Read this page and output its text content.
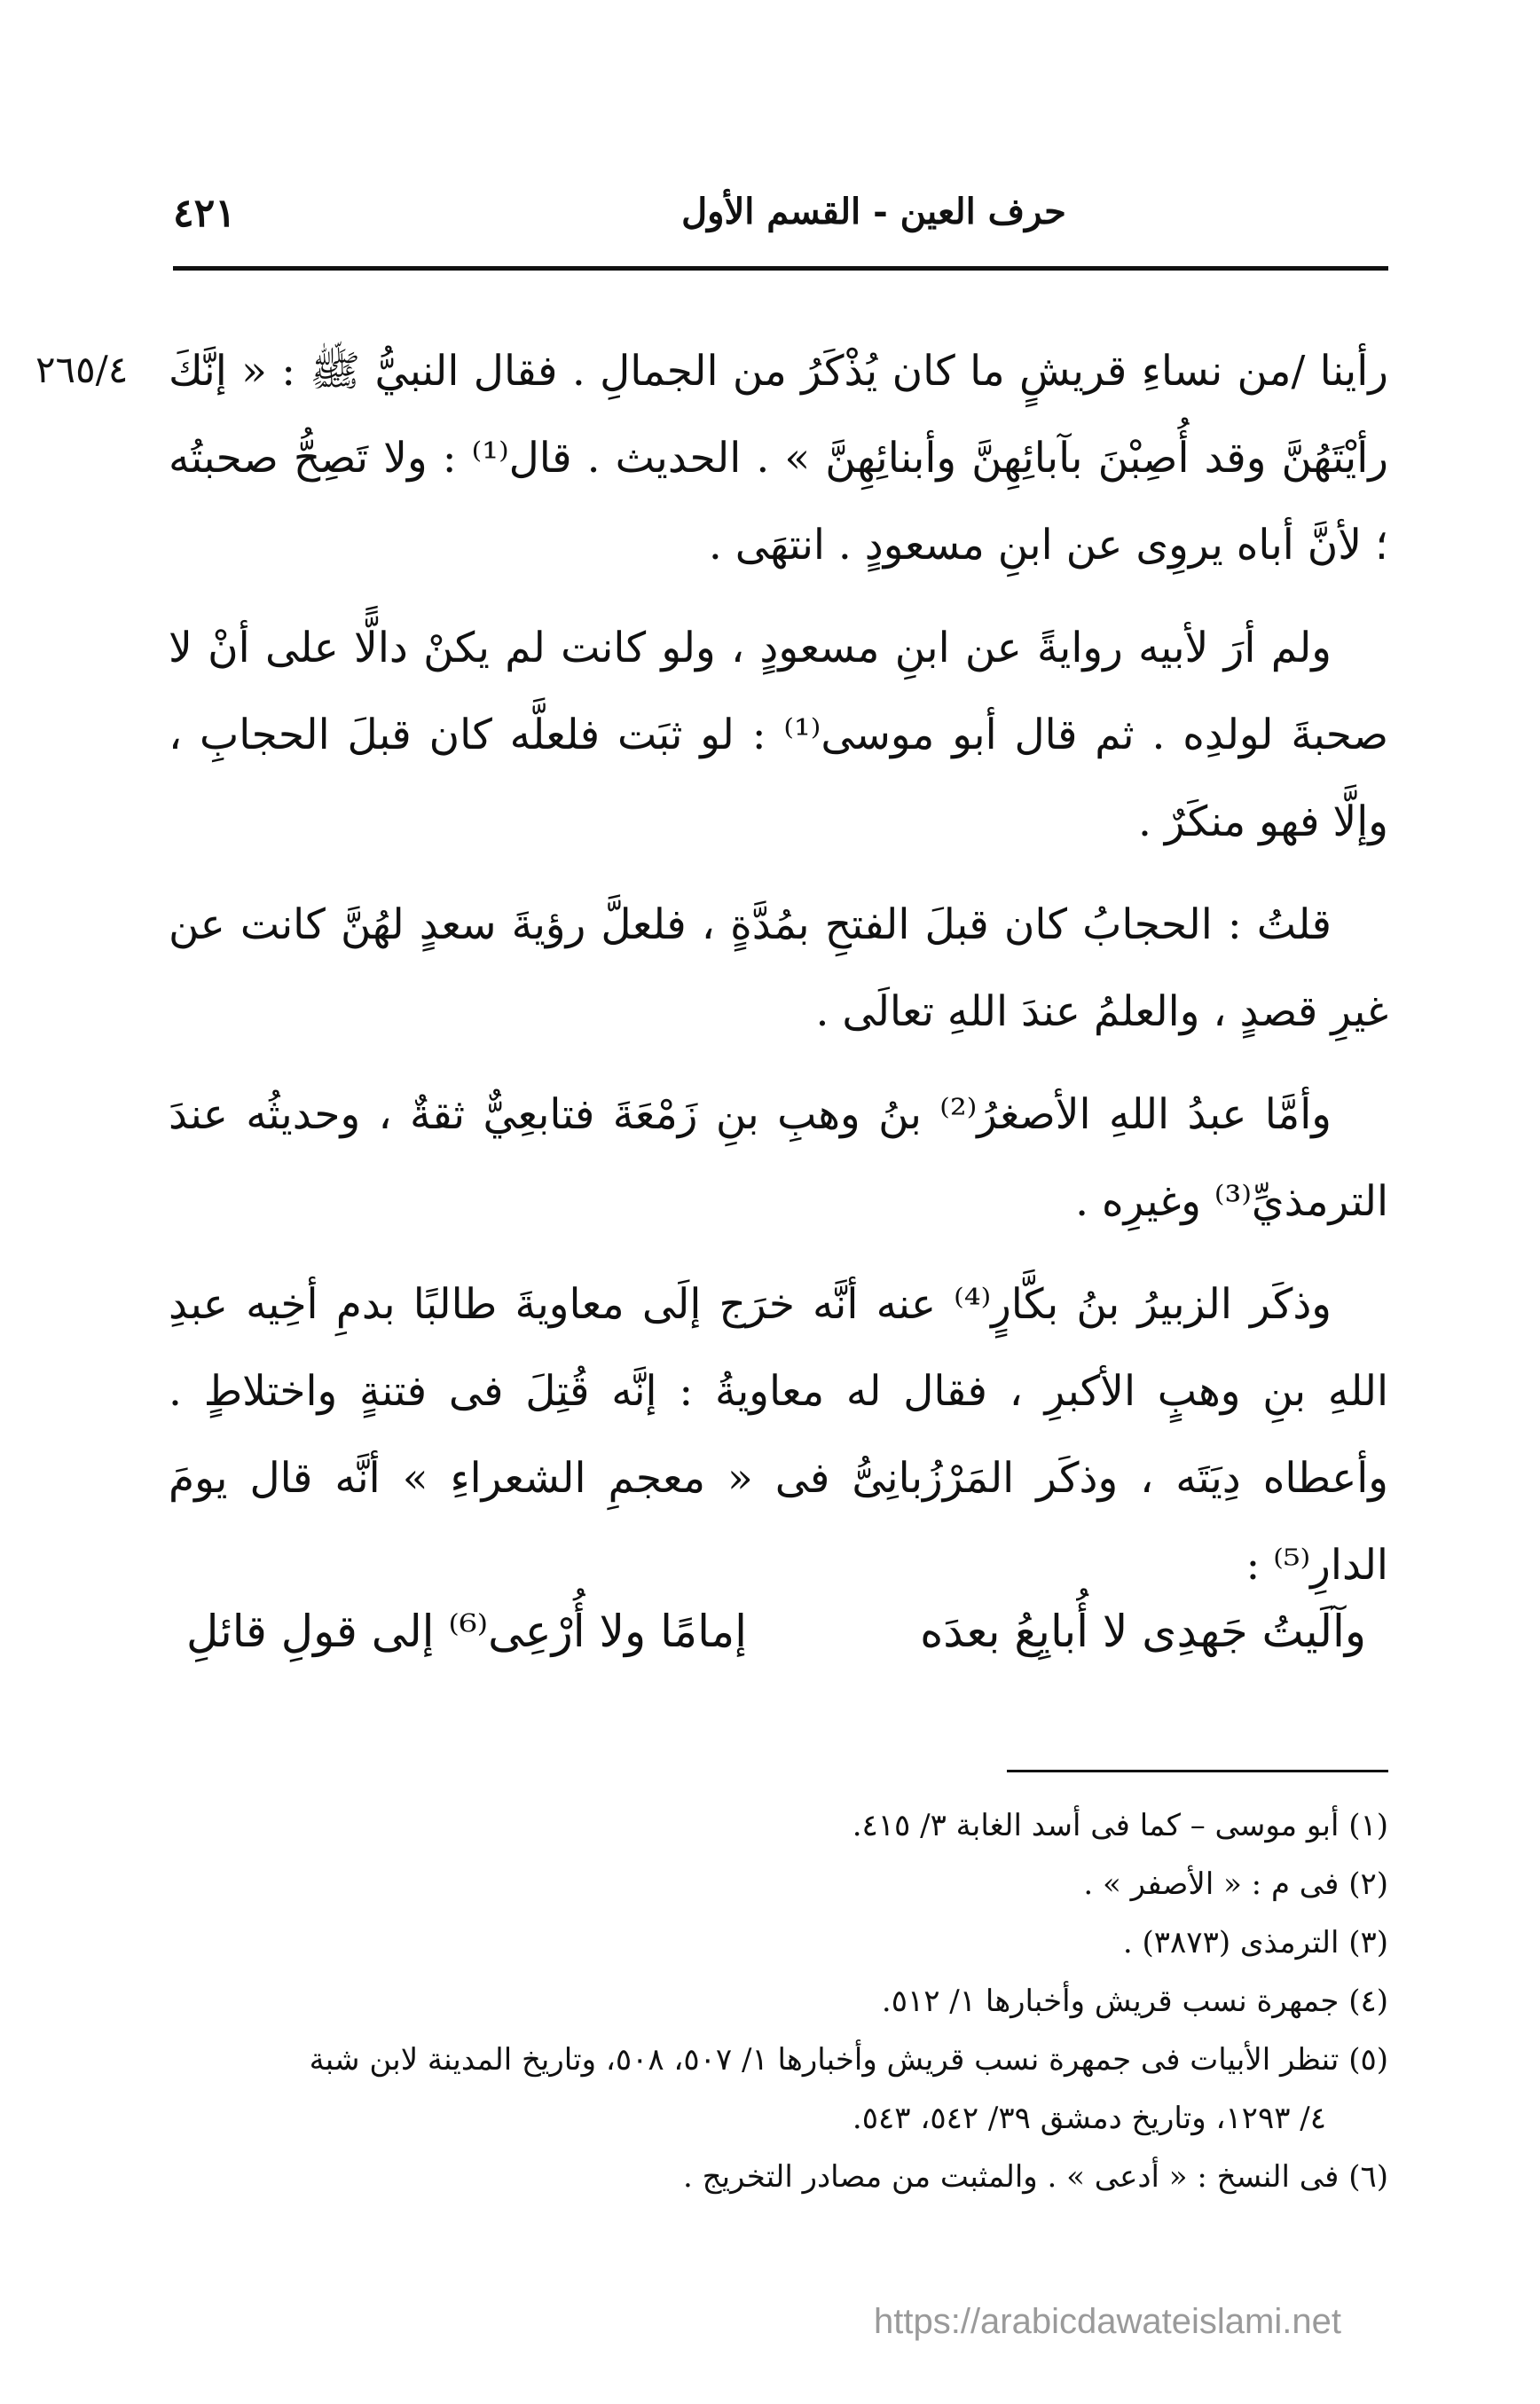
٤٢١	حرف العين - القسم الأول
٢٦٥/٤ رأينا /من نساءِ قريشٍ ما كان يُذْكَرُ من الجمالِ . فقال النبيُّ ﷺ : « إنَّكَ رأيْتَهُنَّ وقد أُصِبْنَ بآبائِهِنَّ وأبنائِهِنَّ » . الحديث . قال⁽¹⁾ : ولا تَصِحُّ صحبتُه ؛ لأنَّ أباه يروِى عن ابنِ مسعودٍ . انتهَى .

ولم أرَ لأبيه روايةً عن ابنِ مسعودٍ ، ولو كانت لم يكنْ دالًّا على أنْ لا صحبةَ لولدِه . ثم قال أبو موسى⁽¹⁾ : لو ثبَت فلعلَّه كان قبلَ الحجابِ ، وإلَّا فهو منكَرٌ .

قلتُ : الحجابُ كان قبلَ الفتحِ بمُدَّةٍ ، فلعلَّ رؤيةَ سعدٍ لهُنَّ كانت عن غيرِ قصدٍ ، والعلمُ عندَ اللهِ تعالَى .

وأمَّا عبدُ اللهِ الأصغرُ⁽²⁾ بنُ وهبِ بنِ زَمْعَةَ فتابعِيٌّ ثقةٌ ، وحديثُه عندَ الترمذيِّ⁽³⁾ وغيرِه .

وذكَر الزبيرُ بنُ بكَّارٍ⁽⁴⁾ عنه أنَّه خرَج إلَى معاويةَ طالبًا بدمِ أخِيه عبدِ اللهِ بنِ وهبٍ الأكبرِ ، فقال له معاويةُ : إنَّه قُتِلَ فى فتنةٍ واختلاطٍ . وأعطاه دِيَتَه ، وذكَر المَرْزُبانِىُّ فى « معجمِ الشعراءِ » أنَّه قال يومَ الدارِ⁽⁵⁾ :

وآلَيتُ جَهدِى لا أُبايِعُ بعدَه
إمامًا ولا أُرْعِى⁽⁶⁾ إلى قولِ قائلِ

(١) أبو موسى – كما فى أسد الغابة ٣/ ٤١٥.

(٢) فى م : « الأصفر » .

(٣) الترمذى (٣٨٧٣) .

(٤) جمهرة نسب قريش وأخبارها ١/ ٥١٢.

(٥) تنظر الأبيات فى جمهرة نسب قريش وأخبارها ١/ ٥٠٧، ٥٠٨، وتاريخ المدينة لابن شبة

٤/ ١٢٩٣، وتاريخ دمشق ٣٩/ ٥٤٢، ٥٤٣.

(٦) فى النسخ : « أدعى » . والمثبت من مصادر التخريج .

https://arabicdawateislami.net
